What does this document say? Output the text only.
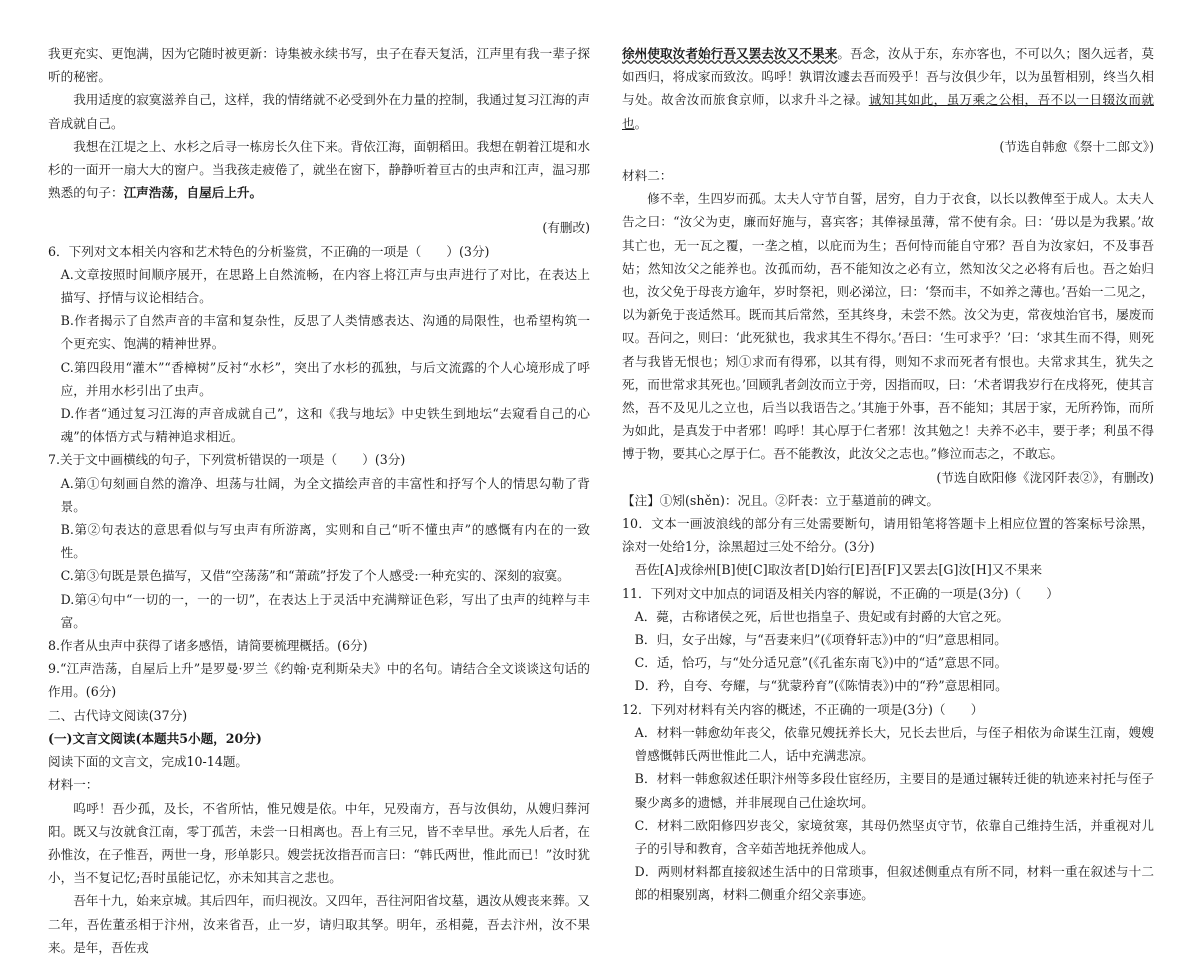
我更充实、更饱满，因为它随时被更新：诗集被永续书写，虫子在春天复活，江声里有我一辈子探听的秘密。

我用适度的寂寞滋养自己，这样，我的情绪就不必受到外在力量的控制，我通过复习江海的声音成就自己。

我想在江堤之上、水杉之后寻一栋房长久住下来。背依江海，面朝稻田。我想在朝着江堤和水杉的一面开一扇大大的窗户。当我孩走疲倦了，就坐在窗下，静静听着亘古的虫声和江声，温习那熟悉的句子：江声浩荡，自屋后上升。

(有删改)

6．下列对文本相关内容和艺术特色的分析鉴赏，不正确的一项是（　　）(3分)

A.文章按照时间顺序展开，在思路上自然流畅，在内容上将江声与虫声进行了对比，在表达上描写、抒情与议论相结合。

B.作者揭示了自然声音的丰富和复杂性，反思了人类情感表达、沟通的局限性，也希望构筑一个更充实、饱满的精神世界。

C.第四段用“灌木”“香樟树”反衬“水杉”，突出了水杉的孤独，与后文流露的个人心境形成了呼应，并用水杉引出了虫声。

D.作者“通过复习江海的声音成就自己”，这和《我与地坛》中史铁生到地坛“去窥看自己的心魂”的体悟方式与精神追求相近。

7.关于文中画横线的句子，下列赏析错误的一项是（　　）(3分)

A.第①句刻画自然的澹净、坦荡与壮阔，为全文描绘声音的丰富性和抒写个人的情思勾勒了背景。

B.第②句表达的意思看似与写虫声有所游离，实则和自己“听不懂虫声”的感慨有内在的一致性。

C.第③句既是景色描写，又借“空荡荡”和“萧疏”抒发了个人感受:一种充实的、深刻的寂寞。

D.第④句中“一切的一，一的一切”，在表达上于灵活中充满辩证色彩，写出了虫声的纯粹与丰富。

8.作者从虫声中获得了诸多感悟，请简要梳理概括。(6分)

9.“江声浩荡，自屋后上升”是罗曼·罗兰《约翰·克利斯朵夫》中的名句。请结合全文谈谈这句话的作用。(6分)

二、古代诗文阅读(37分)

(一)文言文阅读(本题共5小题，20分)

阅读下面的文言文，完成10-14题。

材料一：

呜呼！吾少孤，及长，不省所怙，惟兄嫂是依。中年，兄殁南方，吾与汝俱幼，从嫂归葬河阳。既又与汝就食江南，零丁孤苦，未尝一日相离也。吾上有三兄，皆不幸早世。承先人后者，在孙惟汝，在子惟吾，两世一身，形单影只。嫂尝抚汝指吾而言曰：“韩氏两世，惟此而已！”汝时犹小，当不复记忆;吾时虽能记忆，亦未知其言之悲也。

吾年十九，始来京城。其后四年，而归视汝。又四年，吾往河阳省坟墓，遇汝从嫂丧来葬。又二年，吾佐董丞相于汴州，汝来省吾，止一岁，请归取其孥。明年，丞相薨，吾去汴州，汝不果来。是年，吾佐戎

徐州使取汝者始行吾又罢去汝又不果来。吾念，汝从于东，东亦客也，不可以久；图久远者，莫如西归，将成家而致汝。呜呼！孰谓汝遽去吾而殁乎！吾与汝俱少年，以为虽暂相别，终当久相与处。故舍汝而旅食京师，以求升斗之禄。诚知其如此，虽万乘之公相，吾不以一日辍汝而就也。

(节选自韩愈《祭十二郎文》)

材料二：

修不幸，生四岁而孤。太夫人守节自誓，居穷，自力于衣食，以长以教俾至于成人。太夫人告之曰：“汝父为吏，廉而好施与，喜宾客；其俸禄虽薄，常不使有余。曰：‘毋以是为我累。’故其亡也，无一瓦之覆，一垄之植，以庇而为生；吾何恃而能自守邪？吾自为汝家妇，不及事吾姑；然知汝父之能养也。汝孤而幼，吾不能知汝之必有立，然知汝父之必将有后也。吾之始归也，汝父免于母丧方逾年，岁时祭祀，则必涕泣，曰：‘祭而丰，不如养之薄也。’吾始一二见之，以为新免于丧适然耳。既而其后常然，至其终身，未尝不然。汝父为吏，常夜烛治官书，屡废而叹。吾问之，则曰：‘此死狱也，我求其生不得尔。’吾曰：‘生可求乎？’曰：‘求其生而不得，则死者与我皆无恨也；矧①求而有得邪，以其有得，则知不求而死者有恨也。夫常求其生，犹失之死，而世常求其死也。’回顾乳者剑汝而立于旁，因指而叹，曰：‘术者谓我岁行在戌将死，使其言然，吾不及见儿之立也，后当以我语告之。’其施于外事，吾不能知；其居于家，无所矜饰，而所为如此，是真发于中者邪！呜呼！其心厚于仁者邪！汝其勉之！夫养不必丰，要于孝；利虽不得博于物，要其心之厚于仁。吾不能教汝，此汝父之志也。”修泣而志之，不敢忘。

(节选自欧阳修《泷冈阡表②》，有删改)

【注】①矧(shěn)：况且。②阡表：立于墓道前的碑文。

10．文本一画波浪线的部分有三处需要断句，请用铅笔将答题卡上相应位置的答案标号涂黑，涂对一处给1分，涂黑超过三处不给分。(3分)

吾佐[A]戎徐州[B]使[C]取汝者[D]始行[E]吾[F]又罢去[G]汝[H]又不果来

11．下列对文中加点的词语及相关内容的解说，不正确的一项是(3分)（　　）

A．薨，古称诸侯之死，后世也指皇子、贵妃或有封爵的大官之死。

B．归，女子出嫁，与“吾妻来归”(《项脊轩志》)中的“归”意思相同。

C．适，恰巧，与“处分适兄意”(《孔雀东南飞》)中的“适”意思不同。

D．矜，自夸、夸耀，与“犹蒙矜育”(《陈情表》)中的“矜”意思相同。

12．下列对材料有关内容的概述，不正确的一项是(3分)（　　）

A．材料一韩愈幼年丧父，依靠兄嫂抚养长大，兄长去世后，与侄子相依为命谋生江南，嫂嫂曾感慨韩氏两世惟此二人，话中充满悲凉。

B．材料一韩愈叙述任职汴州等多段仕宦经历，主要目的是通过辗转迁徙的轨迹来衬托与侄子聚少离多的遗憾，并非展现自己仕途坎坷。

C．材料二欧阳修四岁丧父，家境贫寒，其母仍然坚贞守节，依靠自己维持生活，并重视对儿子的引导和教育，含辛茹苦地抚养他成人。

D．两则材料都直接叙述生活中的日常琐事，但叙述侧重点有所不同，材料一重在叙述与十二郎的相聚别离，材料二侧重介绍父亲事迹。
